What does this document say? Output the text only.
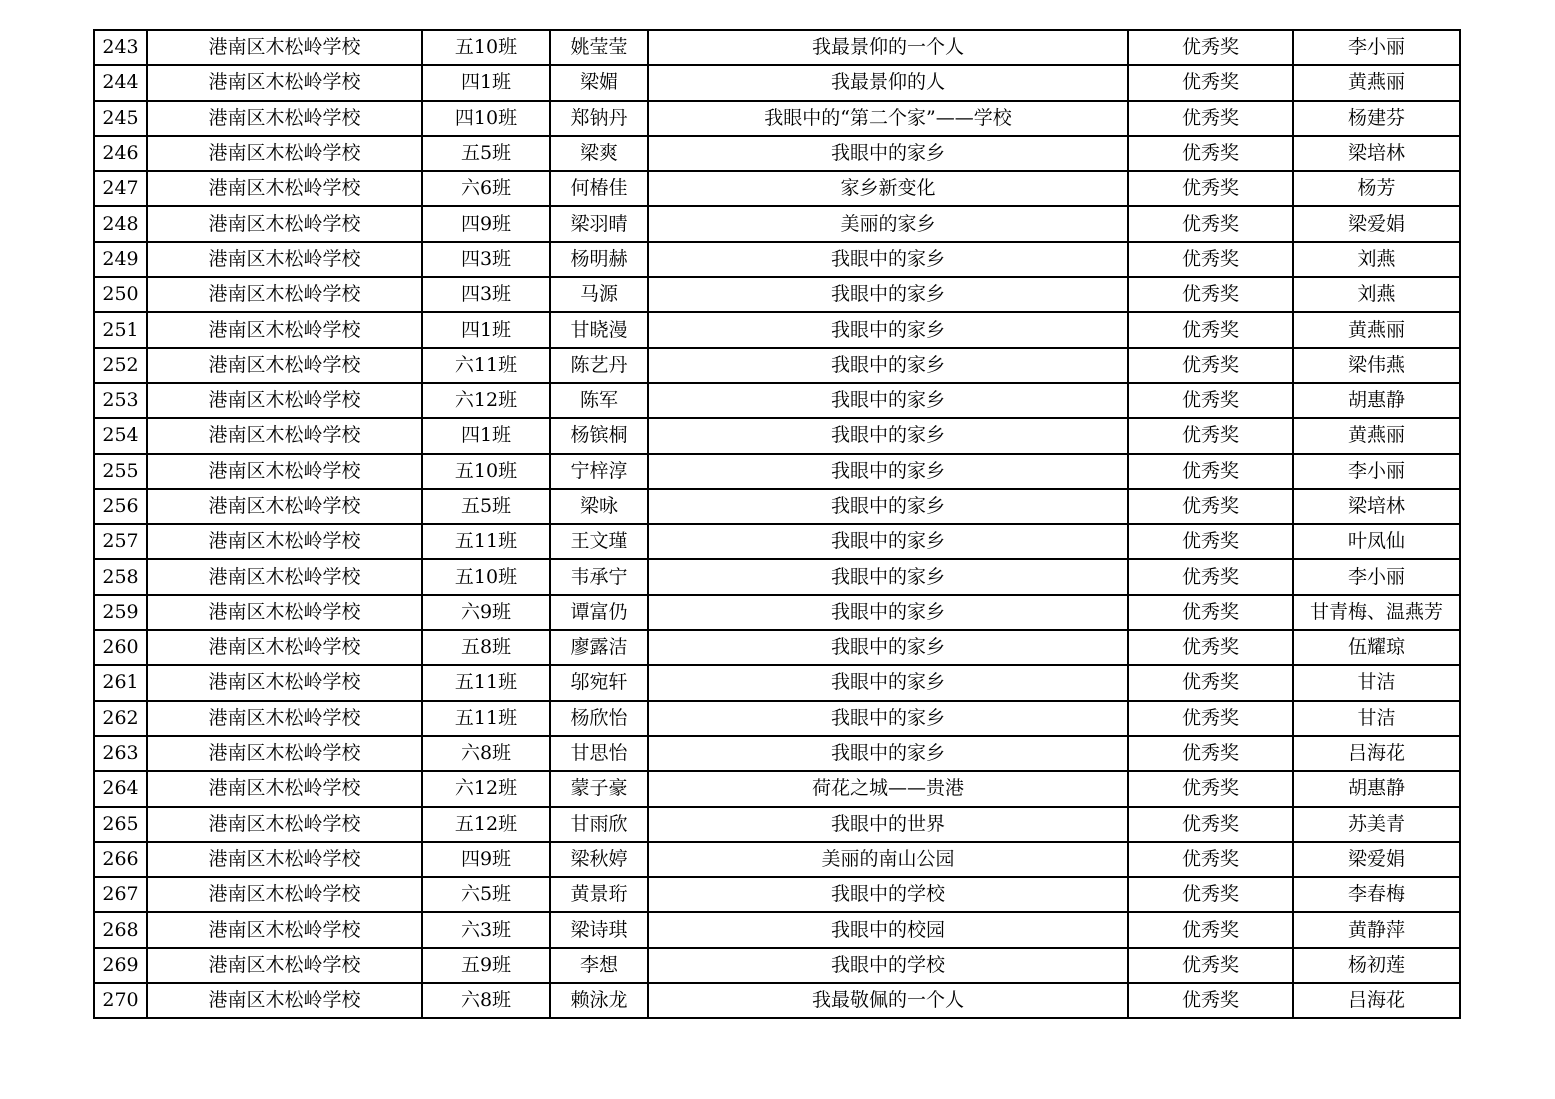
243	港南区木松岭学校	五10班	姚莹莹	我最景仰的一个人	优秀奖	李小丽
244	港南区木松岭学校	四1班	梁媚	我最景仰的人	优秀奖	黄燕丽
245	港南区木松岭学校	四10班	郑钠丹	我眼中的“第二个家”——学校	优秀奖	杨建芬
246	港南区木松岭学校	五5班	梁爽	我眼中的家乡	优秀奖	梁培林
247	港南区木松岭学校	六6班	何椿佳	家乡新变化	优秀奖	杨芳
248	港南区木松岭学校	四9班	梁羽晴	美丽的家乡	优秀奖	梁爱娟
249	港南区木松岭学校	四3班	杨明赫	我眼中的家乡	优秀奖	刘燕
250	港南区木松岭学校	四3班	马源	我眼中的家乡	优秀奖	刘燕
251	港南区木松岭学校	四1班	甘晓漫	我眼中的家乡	优秀奖	黄燕丽
252	港南区木松岭学校	六11班	陈艺丹	我眼中的家乡	优秀奖	梁伟燕
253	港南区木松岭学校	六12班	陈军	我眼中的家乡	优秀奖	胡惠静
254	港南区木松岭学校	四1班	杨镔桐	我眼中的家乡	优秀奖	黄燕丽
255	港南区木松岭学校	五10班	宁梓淳	我眼中的家乡	优秀奖	李小丽
256	港南区木松岭学校	五5班	梁咏	我眼中的家乡	优秀奖	梁培林
257	港南区木松岭学校	五11班	王文瑾	我眼中的家乡	优秀奖	叶凤仙
258	港南区木松岭学校	五10班	韦承宁	我眼中的家乡	优秀奖	李小丽
259	港南区木松岭学校	六9班	谭富仍	我眼中的家乡	优秀奖	甘青梅、温燕芳
260	港南区木松岭学校	五8班	廖露洁	我眼中的家乡	优秀奖	伍耀琼
261	港南区木松岭学校	五11班	邬宛轩	我眼中的家乡	优秀奖	甘洁
262	港南区木松岭学校	五11班	杨欣怡	我眼中的家乡	优秀奖	甘洁
263	港南区木松岭学校	六8班	甘思怡	我眼中的家乡	优秀奖	吕海花
264	港南区木松岭学校	六12班	蒙子豪	荷花之城——贵港	优秀奖	胡惠静
265	港南区木松岭学校	五12班	甘雨欣	我眼中的世界	优秀奖	苏美青
266	港南区木松岭学校	四9班	梁秋婷	美丽的南山公园	优秀奖	梁爱娟
267	港南区木松岭学校	六5班	黄景珩	我眼中的学校	优秀奖	李春梅
268	港南区木松岭学校	六3班	梁诗琪	我眼中的校园	优秀奖	黄静萍
269	港南区木松岭学校	五9班	李想	我眼中的学校	优秀奖	杨初莲
270	港南区木松岭学校	六8班	赖泳龙	我最敬佩的一个人	优秀奖	吕海花
